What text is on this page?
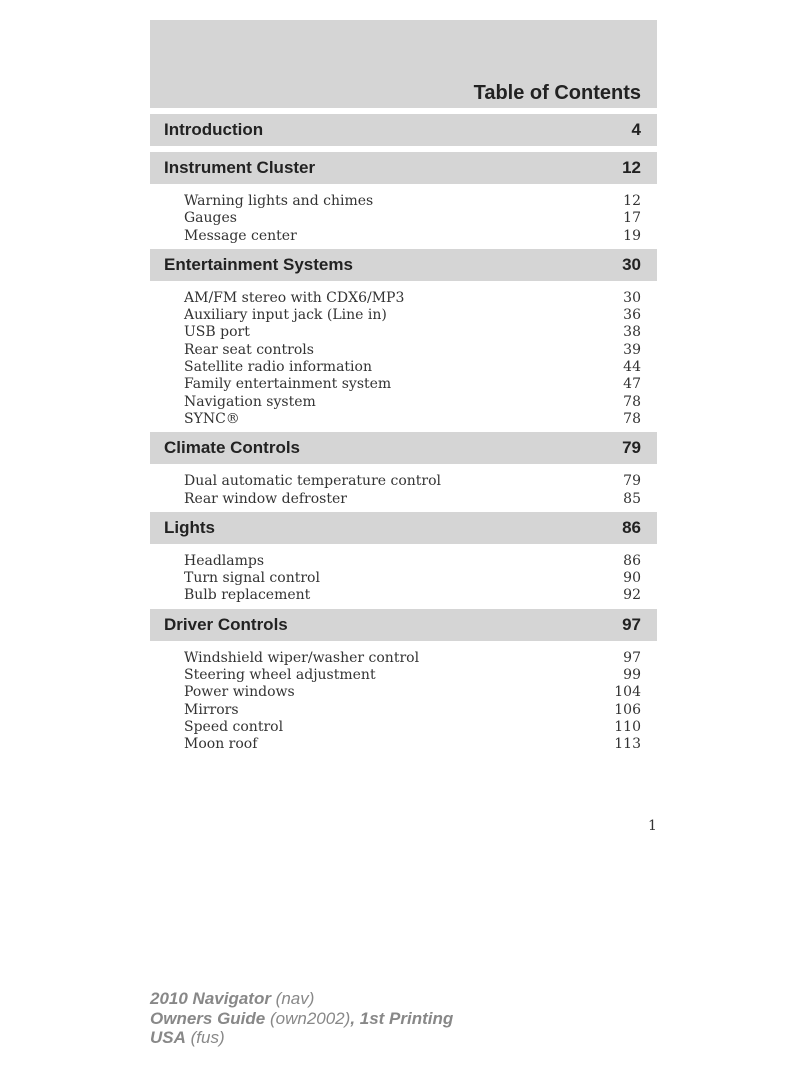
Table of Contents
Introduction	4
Instrument Cluster	12
Warning lights and chimes	12
Gauges	17
Message center	19
Entertainment Systems	30
AM/FM stereo with CDX6/MP3	30
Auxiliary input jack (Line in)	36
USB port	38
Rear seat controls	39
Satellite radio information	44
Family entertainment system	47
Navigation system	78
SYNC®	78
Climate Controls	79
Dual automatic temperature control	79
Rear window defroster	85
Lights	86
Headlamps	86
Turn signal control	90
Bulb replacement	92
Driver Controls	97
Windshield wiper/washer control	97
Steering wheel adjustment	99
Power windows	104
Mirrors	106
Speed control	110
Moon roof	113
1
2010 Navigator (nav)
Owners Guide (own2002), 1st Printing
USA (fus)
